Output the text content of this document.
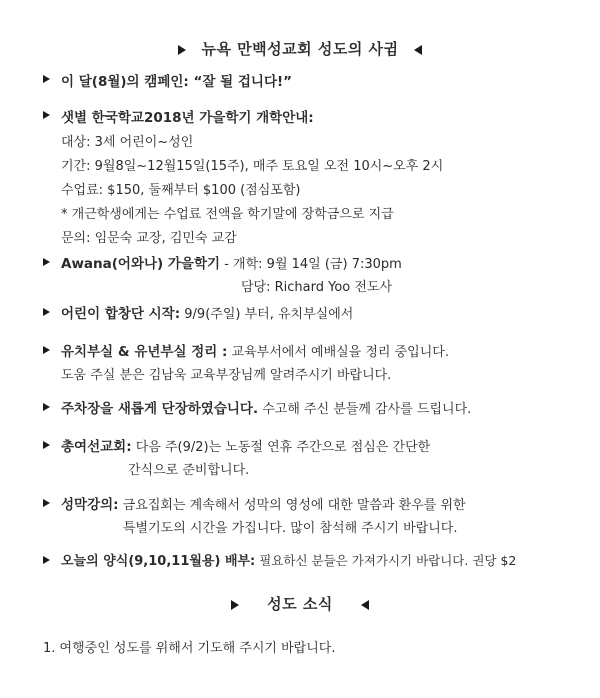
뉴욕 만백성교회 성도의 사귐
이 달(8월)의 캠페인: “잘 될 겁니다!”
샛별 한국학교2018년 가을학기 개학안내:
대상: 3세 어린이~성인
기간: 9월8일~12월15일(15주), 매주 토요일 오전 10시~오후 2시
수업료: $150, 둘째부터 $100 (점심포함)
* 개근학생에게는 수업료 전액을 학기말에 장학금으로 지급
문의: 임문숙 교장, 김민숙 교감
Awana(어와나) 가을학기 - 개학: 9월 14일 (금) 7:30pm
담당: Richard Yoo 전도사
어린이 합창단 시작: 9/9(주일) 부터, 유치부실에서
유치부실 & 유년부실 정리 : 교육부서에서 예배실을 정리 중입니다.
도움 주실 분은 김남욱 교육부장님께 알려주시기 바랍니다.
주차장을 새롭게 단장하였습니다. 수고해 주신 분들께 감사를 드립니다.
총여선교회: 다음 주(9/2)는 노동절 연휴 주간으로 점심은 간단한
간식으로 준비합니다.
성막강의: 금요집회는 계속해서 성막의 영성에 대한 말씀과 환우를 위한
특별기도의 시간을 가집니다. 많이 참석해 주시기 바랍니다.
오늘의 양식(9,10,11월용) 배부: 필요하신 분들은 가져가시기 바랍니다. 권당 $2
성도 소식
1. 여행중인 성도를 위해서 기도해 주시기 바랍니다.
